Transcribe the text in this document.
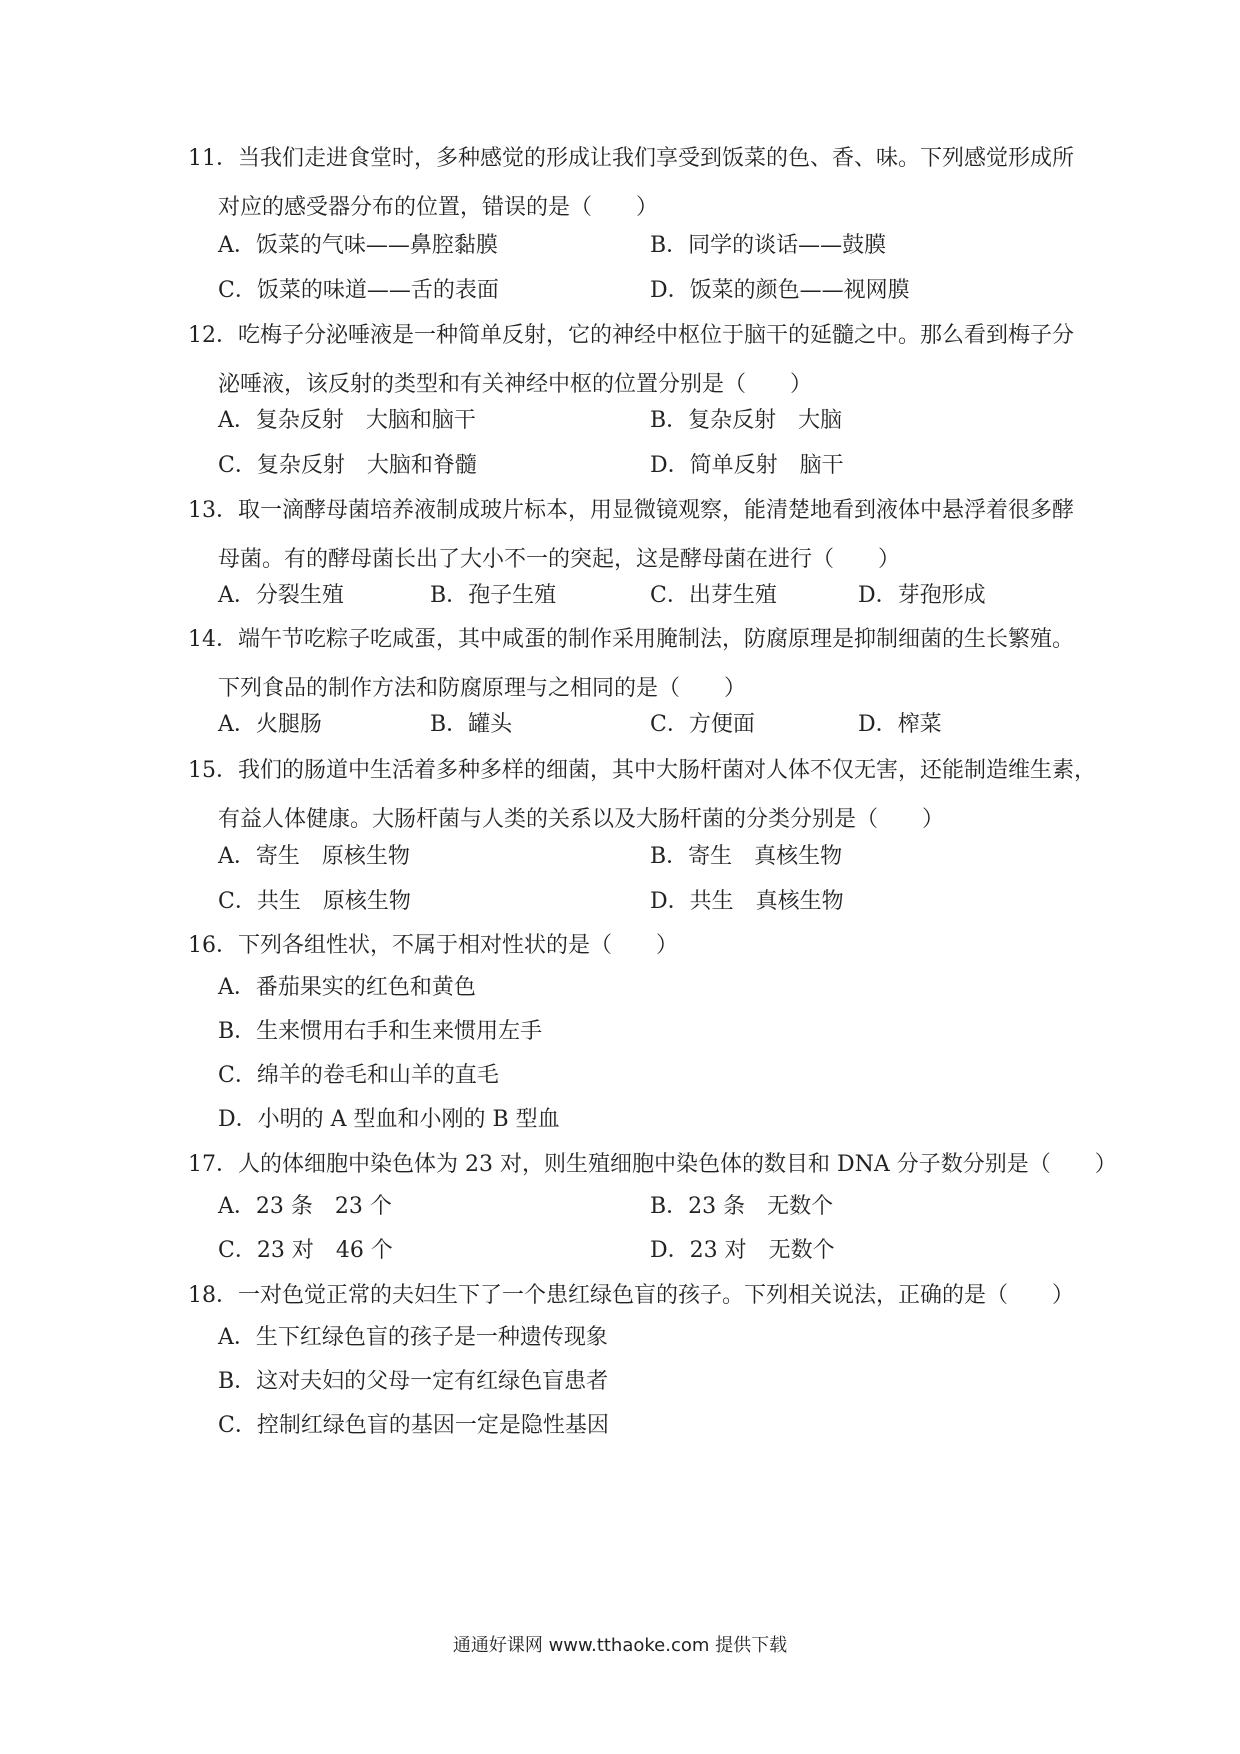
11．当我们走进食堂时，多种感觉的形成让我们享受到饭菜的色、香、味。下列感觉形成所
对应的感受器分布的位置，错误的是（　　）
A．饭菜的气味——鼻腔黏膜	B．同学的谈话——鼓膜
C．饭菜的味道——舌的表面	D．饭菜的颜色——视网膜
12．吃梅子分泌唾液是一种简单反射，它的神经中枢位于脑干的延髓之中。那么看到梅子分
泌唾液，该反射的类型和有关神经中枢的位置分别是（　　）
A．复杂反射　大脑和脑干	B．复杂反射　大脑
C．复杂反射　大脑和脊髓	D．简单反射　脑干
13．取一滴酵母菌培养液制成玻片标本，用显微镜观察，能清楚地看到液体中悬浮着很多酵
母菌。有的酵母菌长出了大小不一的突起，这是酵母菌在进行（　　）
A．分裂生殖	B．孢子生殖	C．出芽生殖	D．芽孢形成
14．端午节吃粽子吃咸蛋，其中咸蛋的制作采用腌制法，防腐原理是抑制细菌的生长繁殖。
下列食品的制作方法和防腐原理与之相同的是（　　）
A．火腿肠	B．罐头	C．方便面	D．榨菜
15．我们的肠道中生活着多种多样的细菌，其中大肠杆菌对人体不仅无害，还能制造维生素，
有益人体健康。大肠杆菌与人类的关系以及大肠杆菌的分类分别是（　　）
A．寄生　原核生物	B．寄生　真核生物
C．共生　原核生物	D．共生　真核生物
16．下列各组性状，不属于相对性状的是（　　）
A．番茄果实的红色和黄色
B．生来惯用右手和生来惯用左手
C．绵羊的卷毛和山羊的直毛
D．小明的 A 型血和小刚的 B 型血
17．人的体细胞中染色体为 23 对，则生殖细胞中染色体的数目和 DNA 分子数分别是（　　）
A．23 条　23 个	B．23 条　无数个
C．23 对　46 个	D．23 对　无数个
18．一对色觉正常的夫妇生下了一个患红绿色盲的孩子。下列相关说法，正确的是（　　）
A．生下红绿色盲的孩子是一种遗传现象
B．这对夫妇的父母一定有红绿色盲患者
C．控制红绿色盲的基因一定是隐性基因
通通好课网 www.tthaoke.com 提供下载
